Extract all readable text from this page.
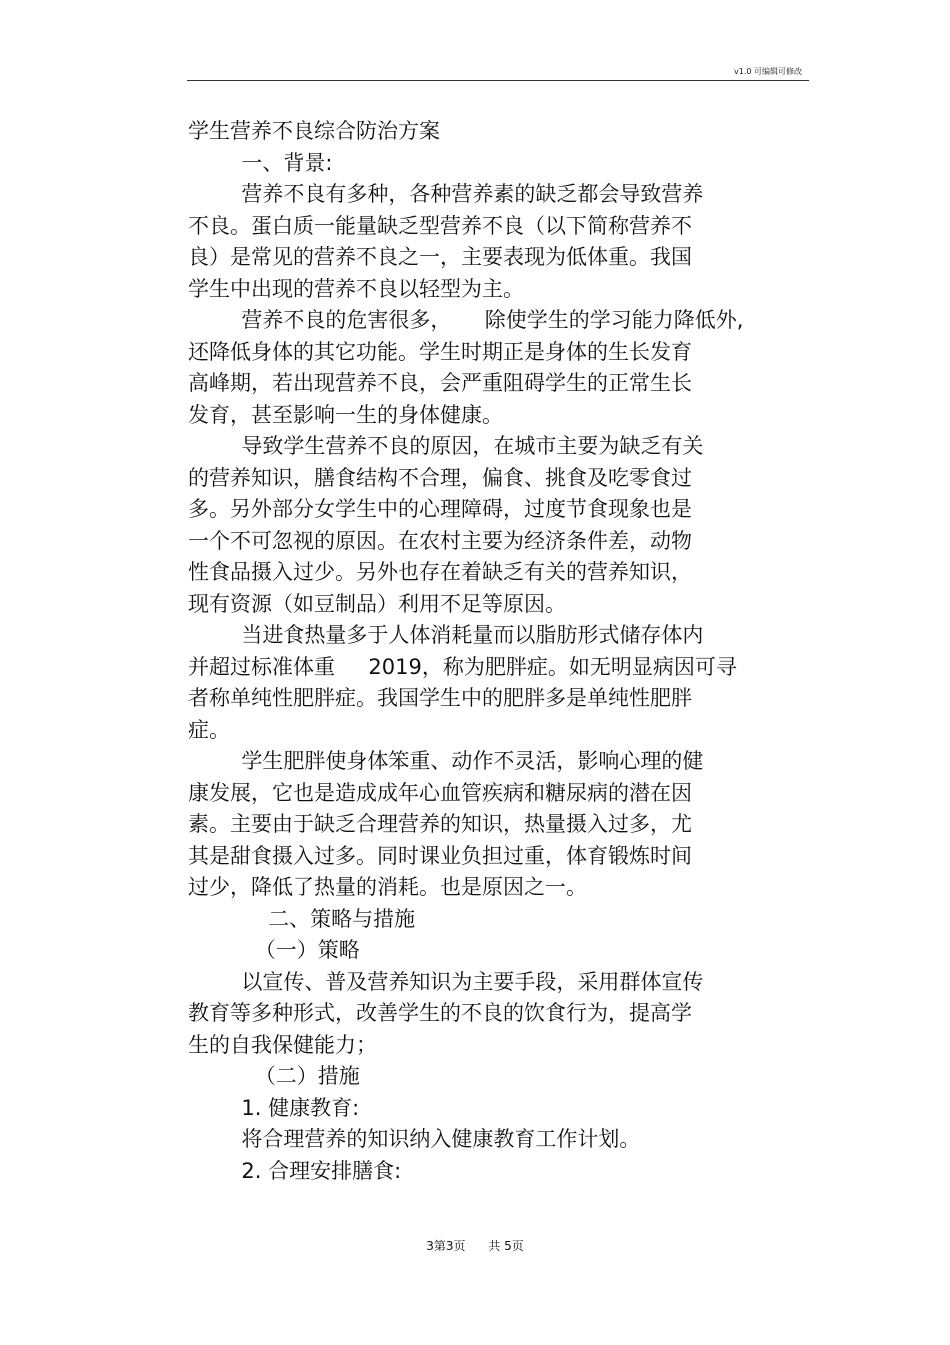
v1.0 可编辑可修改
学生营养不良综合防治方案
一、背景:
营养不良有多种，各种营养素的缺乏都会导致营养
不良。蛋白质一能量缺乏型营养不良（以下简称营养不
良）是常见的营养不良之一，主要表现为低体重。我国
学生中出现的营养不良以轻型为主。
营养不良的危害很多，     除使学生的学习能力降低外,
还降低身体的其它功能。学生时期正是身体的生长发育
高峰期，若出现营养不良，会严重阻碍学生的正常生长
发育，甚至影响一生的身体健康。
导致学生营养不良的原因，在城市主要为缺乏有关
的营养知识，膳食结构不合理，偏食、挑食及吃零食过
多。另外部分女学生中的心理障碍，过度节食现象也是
一个不可忽视的原因。在农村主要为经济条件差，动物
性食品摄入过少。另外也存在着缺乏有关的营养知识，
现有资源（如豆制品）利用不足等原因。
当进食热量多于人体消耗量而以脂肪形式储存体内
并超过标准体重     2019，称为肥胖症。如无明显病因可寻
者称单纯性肥胖症。我国学生中的肥胖多是单纯性肥胖
症。
学生肥胖使身体笨重、动作不灵活，影响心理的健
康发展，它也是造成成年心血管疾病和糖尿病的潜在因
素。主要由于缺乏合理营养的知识，热量摄入过多，尤
其是甜食摄入过多。同时课业负担过重，体育锻炼时间
过少，降低了热量的消耗。也是原因之一。
二、策略与措施
（一）策略
以宣传、普及营养知识为主要手段，采用群体宣传
教育等多种形式，改善学生的不良的饮食行为，提高学
生的自我保健能力；
（二）措施
1. 健康教育:
将合理营养的知识纳入健康教育工作计划。
2. 合理安排膳食:
3第3页 共 5页
